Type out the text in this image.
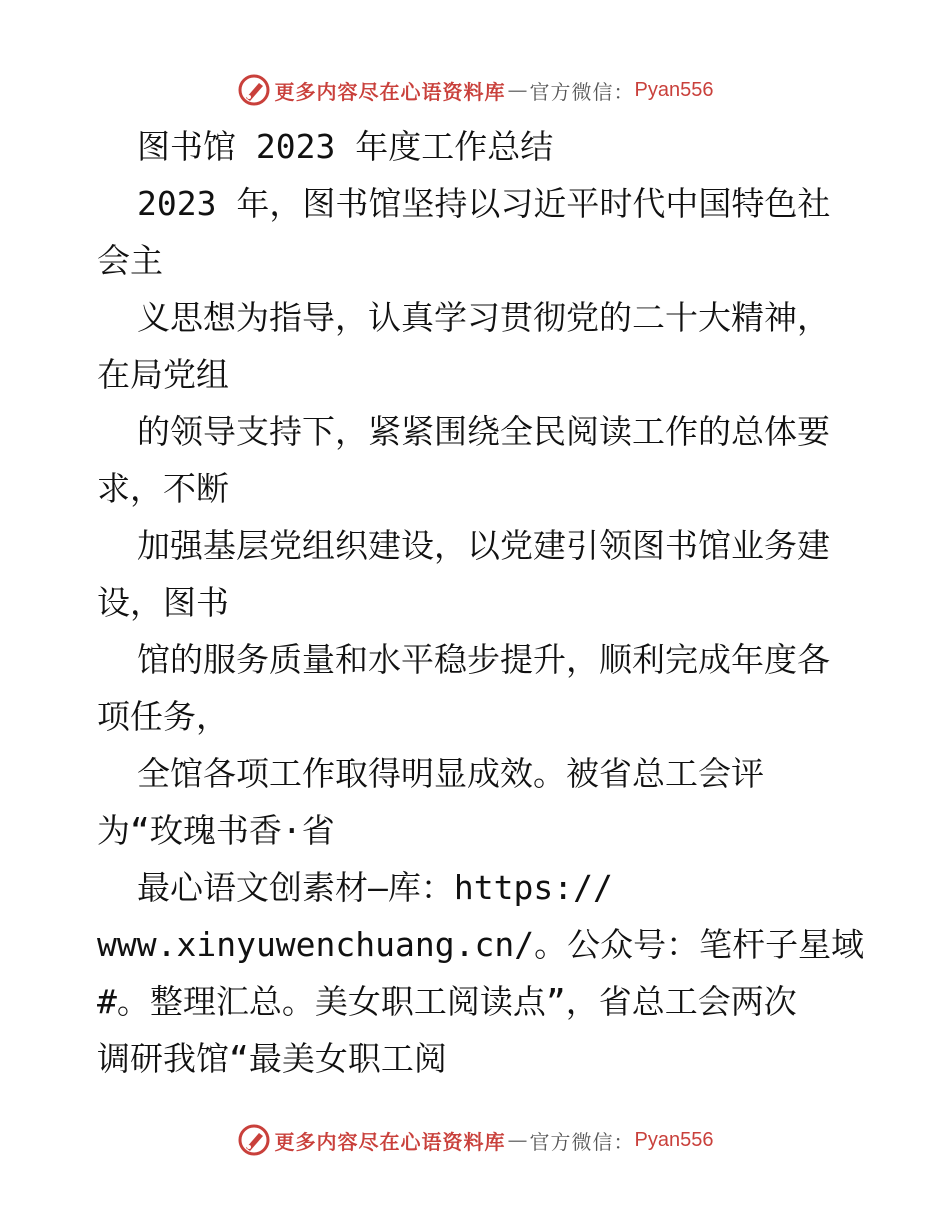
更多内容尽在心语资料库 — 官方微信： Pyan556
图书馆 2023 年度工作总结
2023 年，图书馆坚持以习近平时代中国特色社
会主
义思想为指导，认真学习贯彻党的二十大精神，
在局党组
的领导支持下，紧紧围绕全民阅读工作的总体要
求，不断
加强基层党组织建设，以党建引领图书馆业务建
设，图书
馆的服务质量和水平稳步提升，顺利完成年度各
项任务，
全馆各项工作取得明显成效。被省总工会评
为“玫瑰书香·省
最心语文创素材—库：https://
www.xinyuwenchuang.cn/。公众号：笔杆子星域
#。整理汇总。美女职工阅读点”，省总工会两次
调研我馆“最美女职工阅
更多内容尽在心语资料库 — 官方微信： Pyan556
